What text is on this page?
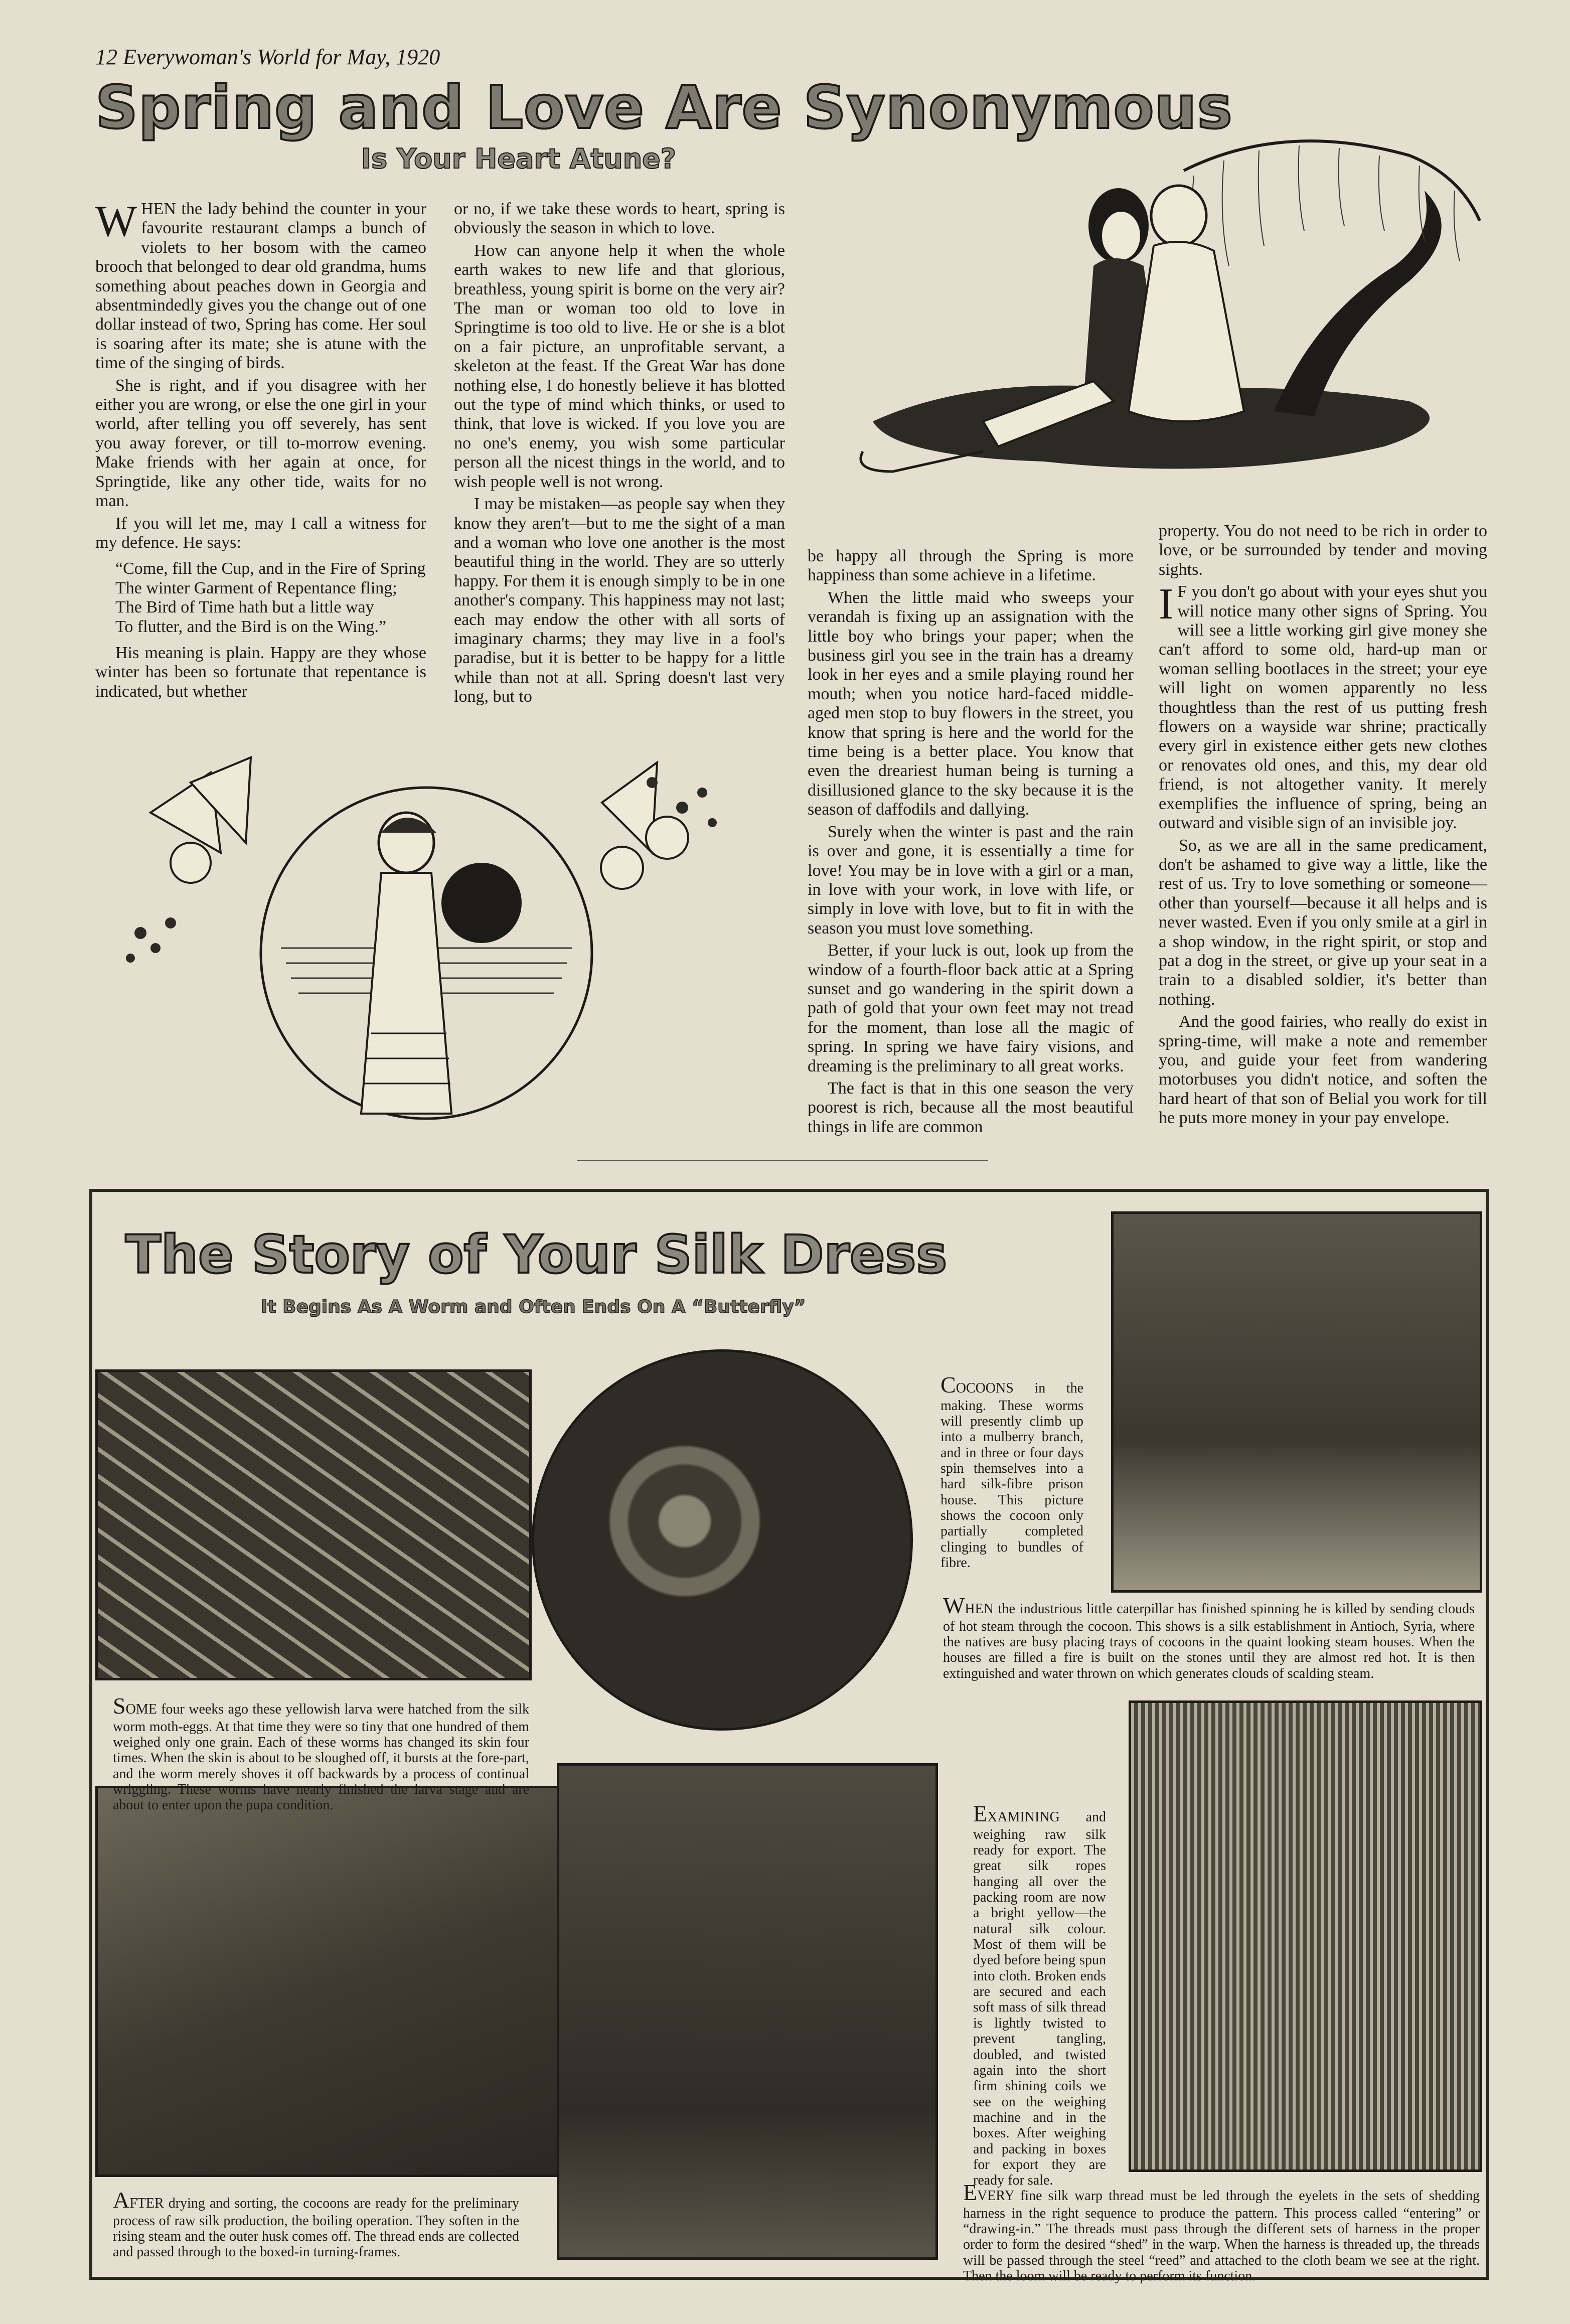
12 Everywoman's World for May, 1920
Spring and Love Are Synonymous
Is Your Heart Atune?

WHEN the lady behind the counter in your favourite restaurant clamps a bunch of violets to her bosom with the cameo brooch that belonged to dear old grandma, hums something about peaches down in Georgia and absentmindedly gives you the change out of one dollar instead of two, Spring has come. Her soul is soaring after its mate; she is atune with the time of the singing of birds.

She is right, and if you disagree with her either you are wrong, or else the one girl in your world, after telling you off severely, has sent you away forever, or till to-morrow evening. Make friends with her again at once, for Springtide, like any other tide, waits for no man.

If you will let me, may I call a witness for my defence. He says:

“Come, fill the Cup, and in the Fire of Spring
The winter Garment of Repentance fling;
The Bird of Time hath but a little way
To flutter, and the Bird is on the Wing.”

His meaning is plain. Happy are they whose winter has been so fortunate that repentance is indicated, but whether

or no, if we take these words to heart, spring is obviously the season in which to love.

How can anyone help it when the whole earth wakes to new life and that glorious, breathless, young spirit is borne on the very air? The man or woman too old to love in Springtime is too old to live. He or she is a blot on a fair picture, an unprofitable servant, a skeleton at the feast. If the Great War has done nothing else, I do honestly believe it has blotted out the type of mind which thinks, or used to think, that love is wicked. If you love you are no one's enemy, you wish some particular person all the nicest things in the world, and to wish people well is not wrong.

I may be mistaken—as people say when they know they aren't—but to me the sight of a man and a woman who love one another is the most beautiful thing in the world. They are so utterly happy. For them it is enough simply to be in one another's company. This happiness may not last; each may endow the other with all sorts of imaginary charms; they may live in a fool's paradise, but it is better to be happy for a little while than not at all. Spring doesn't last very long, but to

be happy all through the Spring is more happiness than some achieve in a lifetime.

When the little maid who sweeps your verandah is fixing up an assignation with the little boy who brings your paper; when the business girl you see in the train has a dreamy look in her eyes and a smile playing round her mouth; when you notice hard-faced middle-aged men stop to buy flowers in the street, you know that spring is here and the world for the time being is a better place. You know that even the dreariest human being is turning a disillusioned glance to the sky because it is the season of daffodils and dallying.

Surely when the winter is past and the rain is over and gone, it is essentially a time for love! You may be in love with a girl or a man, in love with your work, in love with life, or simply in love with love, but to fit in with the season you must love something.

Better, if your luck is out, look up from the window of a fourth-floor back attic at a Spring sunset and go wandering in the spirit down a path of gold that your own feet may not tread for the moment, than lose all the magic of spring. In spring we have fairy visions, and dreaming is the preliminary to all great works.

The fact is that in this one season the very poorest is rich, because all the most beautiful things in life are common

property. You do not need to be rich in order to love, or be surrounded by tender and moving sights.

I F you don't go about with your eyes shut you will notice many other signs of Spring. You will see a little working girl give money she can't afford to some old, hard-up man or woman selling bootlaces in the street; your eye will light on women apparently no less thoughtless than the rest of us putting fresh flowers on a wayside war shrine; practically every girl in existence either gets new clothes or renovates old ones, and this, my dear old friend, is not altogether vanity. It merely exemplifies the influence of spring, being an outward and visible sign of an invisible joy.

So, as we are all in the same predicament, don't be ashamed to give way a little, like the rest of us. Try to love something or someone—other than yourself—because it all helps and is never wasted. Even if you only smile at a girl in a shop window, in the right spirit, or stop and pat a dog in the street, or give up your seat in a train to a disabled soldier, it's better than nothing.

And the good fairies, who really do exist in spring-time, will make a note and remember you, and guide your feet from wandering motorbuses you didn't notice, and soften the hard heart of that son of Belial you work for till he puts more money in your pay envelope.

The Story of Your Silk Dress
It Begins As A Worm and Often Ends On A “Butterfly”
COCOONS in the making. These worms will presently climb up into a mulberry branch, and in three or four days spin themselves into a hard silk-fibre prison house. This picture shows the cocoon only partially completed clinging to bundles of fibre.
WHEN the industrious little caterpillar has finished spinning he is killed by sending clouds of hot steam through the cocoon. This shows is a silk establishment in Antioch, Syria, where the natives are busy placing trays of cocoons in the quaint looking steam houses. When the houses are filled a fire is built on the stones until they are almost red hot. It is then extinguished and water thrown on which generates clouds of scalding steam.
SOME four weeks ago these yellowish larva were hatched from the silk worm moth-eggs. At that time they were so tiny that one hundred of them weighed only one grain. Each of these worms has changed its skin four times. When the skin is about to be sloughed off, it bursts at the fore-part, and the worm merely shoves it off backwards by a process of continual wriggling. These worms have nearly finished the larva stage and are about to enter upon the pupa condition.	EXAMINING and weighing raw silk ready for export. The great silk ropes hanging all over the packing room are now a bright yellow—the natural silk colour. Most of them will be dyed before being spun into cloth. Broken ends are secured and each soft mass of silk thread is lightly twisted to prevent tangling, doubled, and twisted again into the short firm shining coils we see on the weighing machine and in the boxes. After weighing and packing in boxes for export they are ready for sale.
AFTER drying and sorting, the cocoons are ready for the preliminary process of raw silk production, the boiling operation. They soften in the rising steam and the outer husk comes off. The thread ends are collected and passed through to the boxed-in turning-frames.
EVERY fine silk warp thread must be led through the eyelets in the sets of shedding harness in the right sequence to produce the pattern. This process called “entering” or “drawing-in.” The threads must pass through the different sets of harness in the proper order to form the desired “shed” in the warp. When the harness is threaded up, the threads will be passed through the steel “reed” and attached to the cloth beam we see at the right. Then the loom will be ready to perform its function.
